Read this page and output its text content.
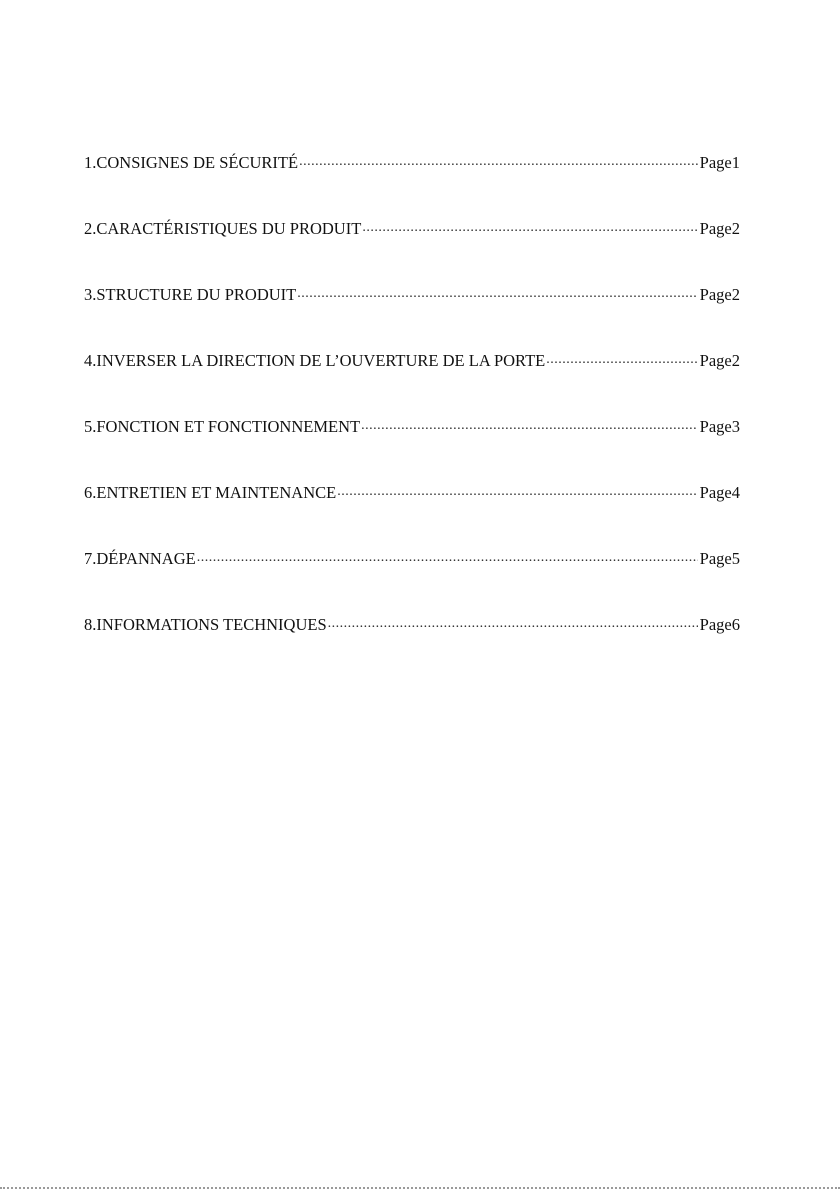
1.CONSIGNES DE SÉCURITÉ .....	Page1
2.CARACTÉRISTIQUES DU PRODUIT .....	Page2
3.STRUCTURE DU PRODUIT .....	Page2
4.INVERSER LA DIRECTION DE L’OUVERTURE DE LA PORTE .....	Page2
5.FONCTION ET FONCTIONNEMENT .....	Page3
6.ENTRETIEN ET MAINTENANCE .....	Page4
7.DÉPANNAGE .....	Page5
8.INFORMATIONS TECHNIQUES .....	Page6
